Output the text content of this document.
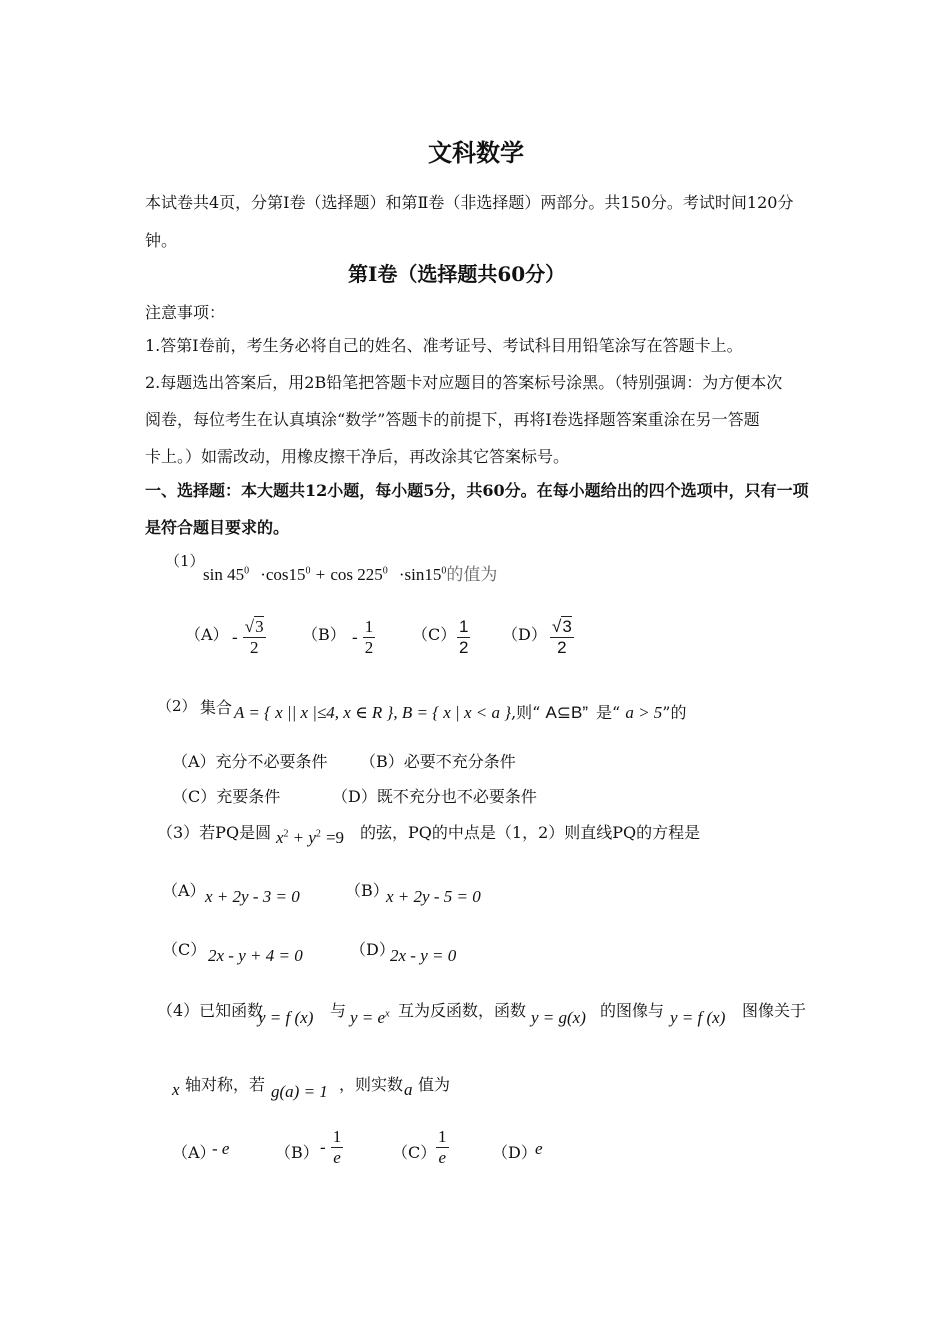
文科数学
本试卷共4页，分第Ⅰ卷（选择题）和第Ⅱ卷（非选择题）两部分。共150分。考试时间120分
钟。
第Ⅰ卷（选择题共60分）
注意事项：
1.答第Ⅰ卷前，考生务必将自己的姓名、准考证号、考试科目用铅笔涂写在答题卡上。
2.每题选出答案后，用2B铅笔把答题卡对应题目的答案标号涂黑。（特别强调：为方便本次
阅卷，每位考生在认真填涂“数学”答题卡的前提下，再将Ⅰ卷选择题答案重涂在另一答题
卡上。）如需改动，用橡皮擦干净后，再改涂其它答案标号。
一、选择题：本大题共12小题，每小题5分，共60分。在每小题给出的四个选项中，只有一项
是符合题目要求的。
（1）
$\sin 45^0 \cdot\cos 15^0 + \cos 225^0 \cdot\sin 15^0$的值为
$(A) - \frac{√3}{2} (B) - \frac{1}{2} (C) \frac{1}{2} (D) \frac{√3}{2}$
（2） 集合 A = { x || x |≤4, x ∈ R }, B = { x | x < a },则“ A⊆B” 是“ a > 5”的
（A）充分不必要条件 （B）必要不充分条件
（C）充要条件	（D）既不充分也不必要条件
（3）若PQ是圆 $x^2 + y^2 =9$ 的弦，PQ的中点是（1，2）则直线PQ的方程是
（A） x + 2y - 3 = 0	（B）
x + 2y - 5 = 0
（C） 2x - y + 4 = 0	（D）
2x - y = 0
（4）已知函数
y = f (x) 与 $y = e^x$ 互为反函数，函数 y = g(x) 的图像与 y = f (x) 图像关于
x 轴对称，若 g(a) = 1 ，则实数 a 值为
（A）
- e	$(B) - \frac{1}{e}$	$(C) \frac{1}{e}$	（D）
e
